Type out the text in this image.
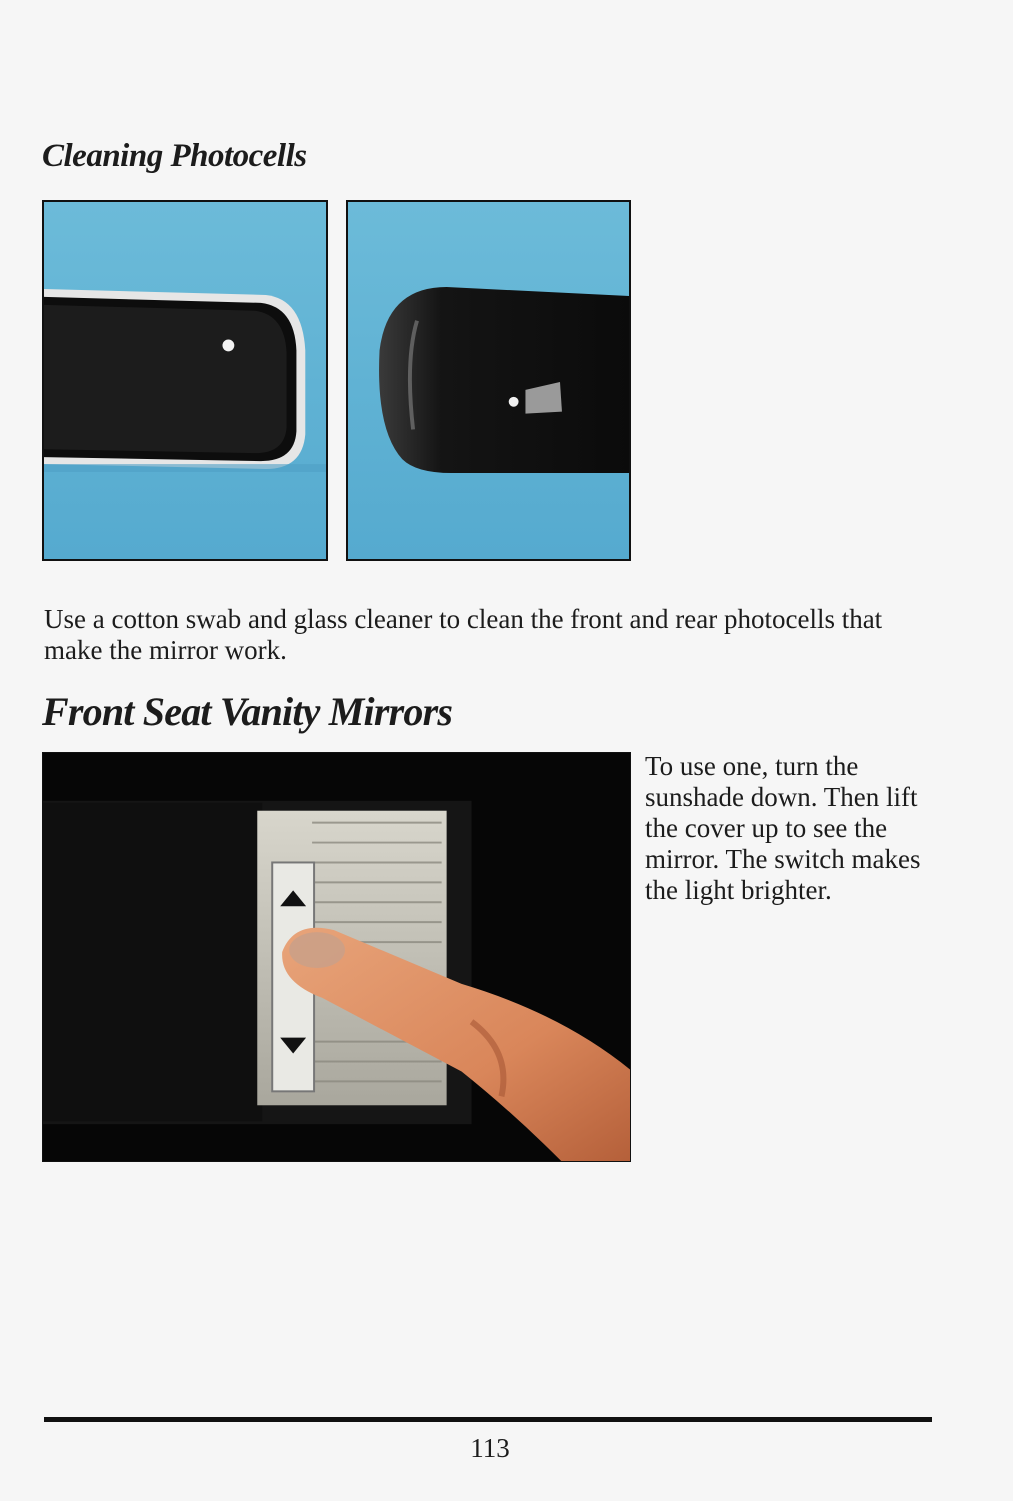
Cleaning Photocells

Use a cotton swab and glass cleaner to clean the front and rear photocells that make the mirror work.

Front Seat Vanity Mirrors

To use one, turn the sunshade down. Then lift the cover up to see the mirror. The switch makes the light brighter.

113
